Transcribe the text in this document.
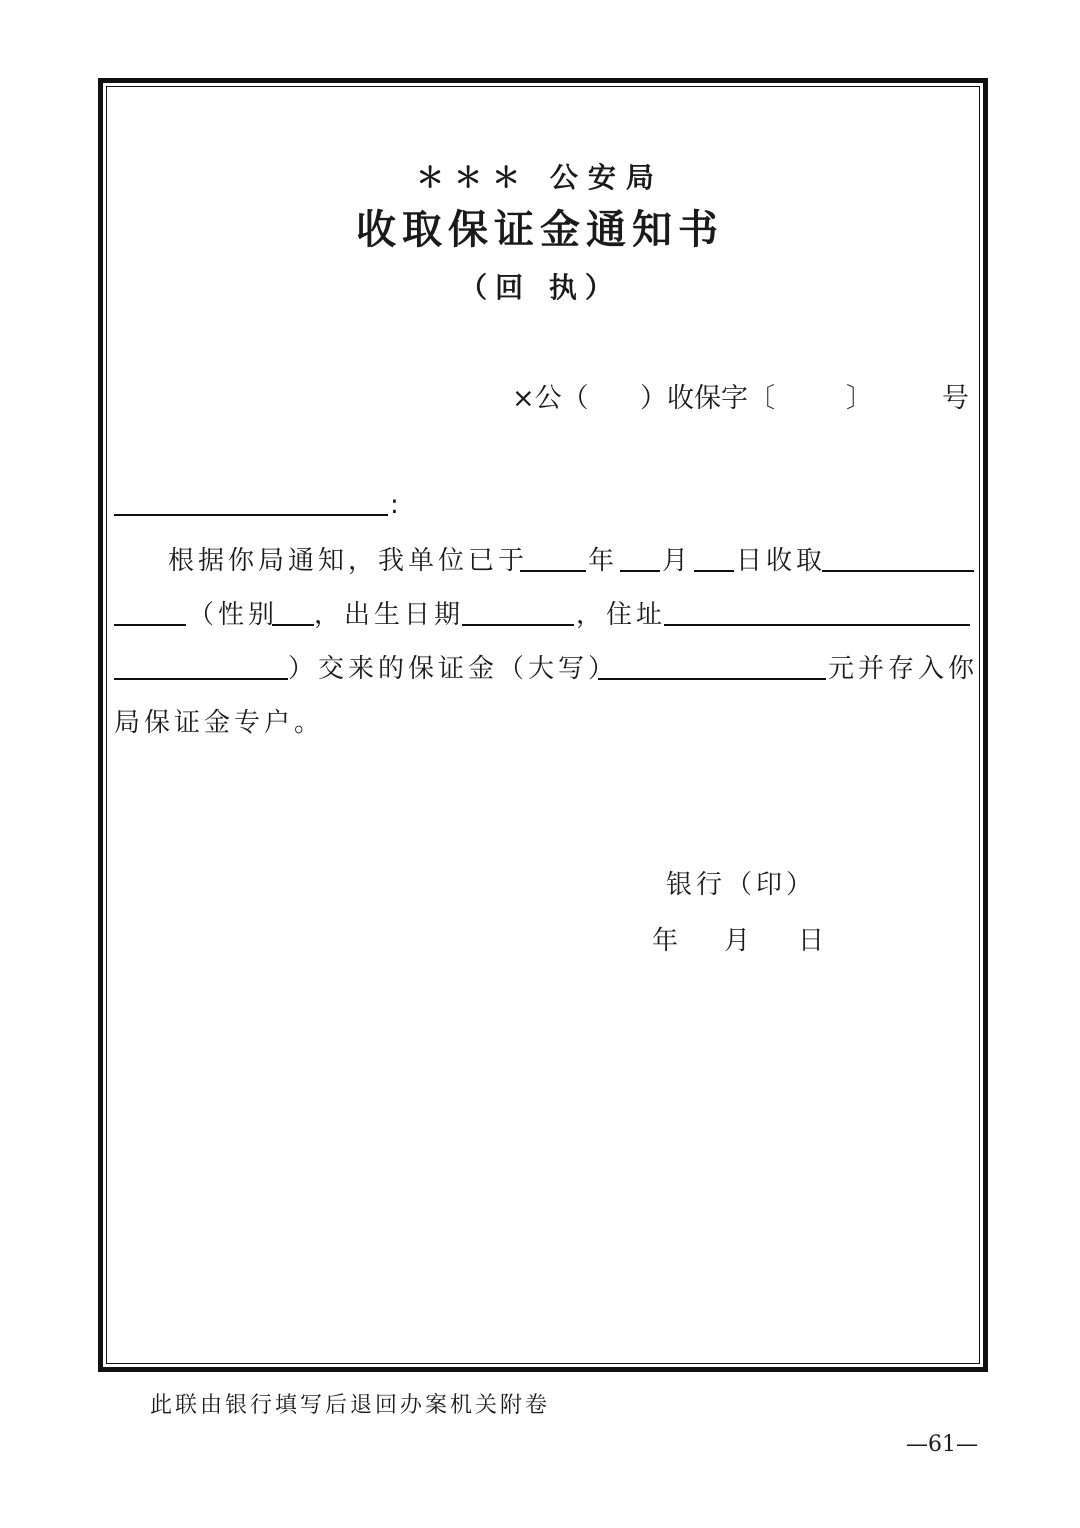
＊＊＊ 公安局
收取保证金通知书
（回 执）
×公（ ）收保字〔	〕	号
:
根据你局通知，我单位已于 年 月 日收取
（性别 ，出生日期	，住址
）交来的保证金（大写）	元并存入你
局保证金专户。
银行（印）
年 月 日
此联由银行填写后退回办案机关附卷
—61—
